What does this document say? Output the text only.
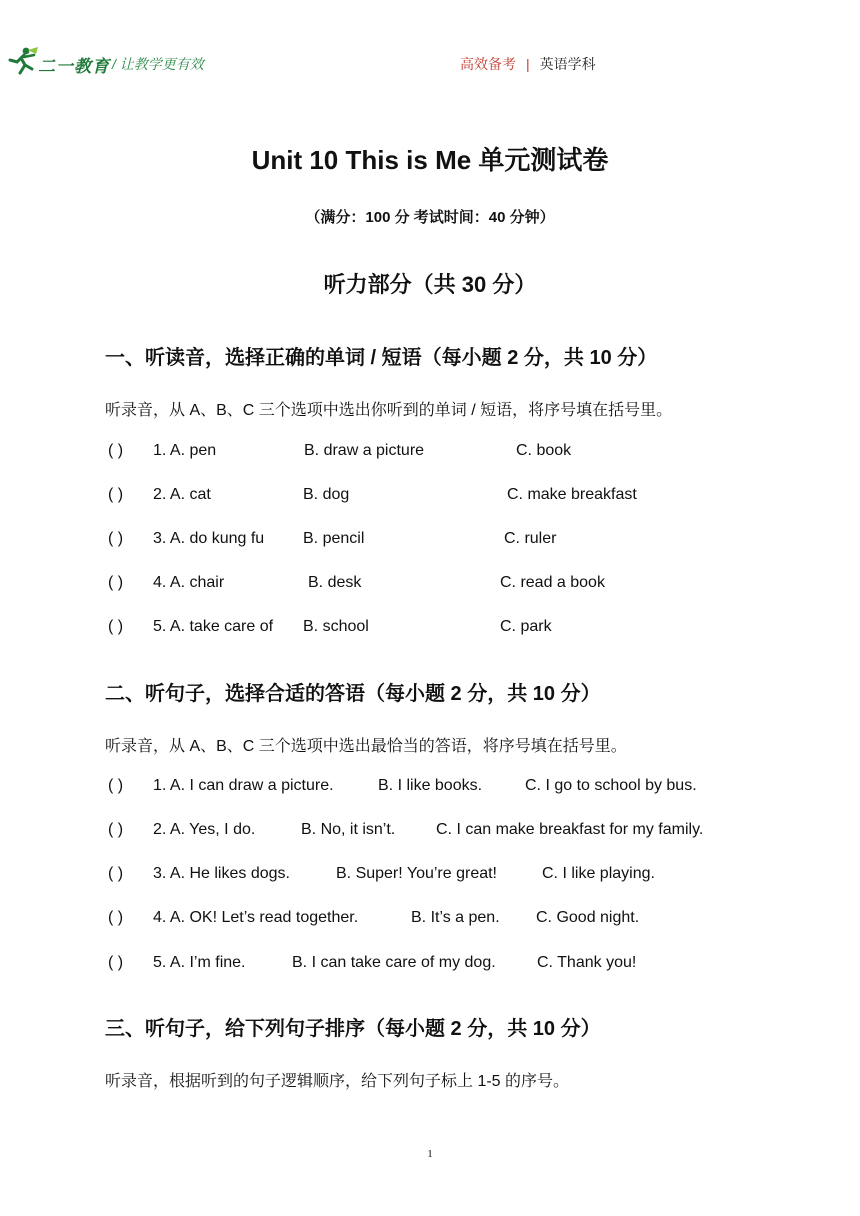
二一教育 / 让教学更有效	高效备考 | 英语学科
Unit 10 This is Me 单元测试卷
（满分：100 分 考试时间：40 分钟）
听力部分（共 30 分）
一、听读音，选择正确的单词 / 短语（每小题 2 分，共 10 分）
听录音，从 A、B、C 三个选项中选出你听到的单词 / 短语，将序号填在括号里。
( ) 1. A. pen	B. draw a picture	C. book
( ) 2. A. cat	B. dog	C. make breakfast
( ) 3. A. do kung fu B. pencil	C. ruler
( ) 4. A. chair	B. desk	C. read a book
( ) 5. A. take care of B. school	C. park
二、听句子，选择合适的答语（每小题 2 分，共 10 分）
听录音，从 A、B、C 三个选项中选出最恰当的答语，将序号填在括号里。
( ) 1. A. I can draw a picture.	B. I like books.	C. I go to school by bus.
( ) 2. A. Yes, I do.	B. No, it isn’t.	C. I can make breakfast for my family.
( ) 3. A. He likes dogs.	B. Super! You’re great!	C. I like playing.
( ) 4. A. OK! Let’s read together.	B. It’s a pen. C. Good night.
( ) 5. A. I’m fine.	B. I can take care of my dog.	C. Thank you!
三、听句子，给下列句子排序（每小题 2 分，共 10 分）
听录音，根据听到的句子逻辑顺序，给下列句子标上 1-5 的序号。
1
